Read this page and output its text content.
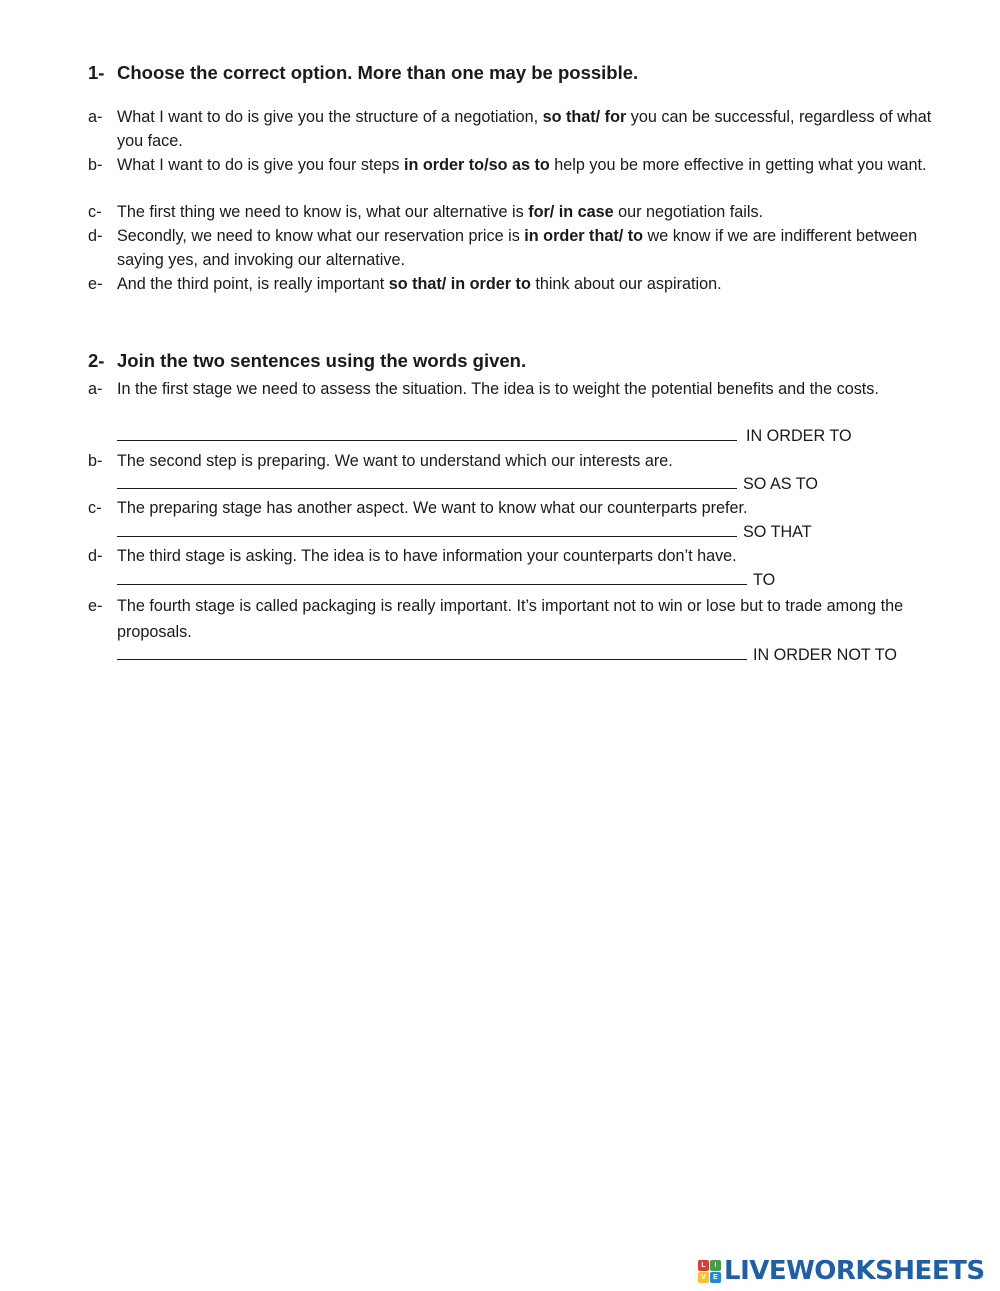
1- Choose the correct option. More than one may be possible.
a- What I want to do is give you the structure of a negotiation, so that/ for you can be successful, regardless of what you face.
b- What I want to do is give you four steps in order to/so as to help you be more effective in getting what you want.
c- The first thing we need to know is, what our alternative is for/ in case our negotiation fails.
d- Secondly, we need to know what our reservation price is in order that/ to we know if we are indifferent between saying yes, and invoking our alternative.
e- And the third point, is really important so that/ in order to think about our aspiration.
2- Join the two sentences using the words given.
a- In the first stage we need to assess the situation. The idea is to weight the potential benefits and the costs.
IN ORDER TO
b- The second step is preparing. We want to understand which our interests are.
SO AS TO
c- The preparing stage has another aspect. We want to know what our counterparts prefer.
SO THAT
d- The third stage is asking. The idea is to have information your counterparts don’t have.
TO
e- The fourth stage is called packaging is really important. It’s important not to win or lose but to trade among the proposals.
IN ORDER NOT TO
L	I
V	E LIVEWORKSHEETS
